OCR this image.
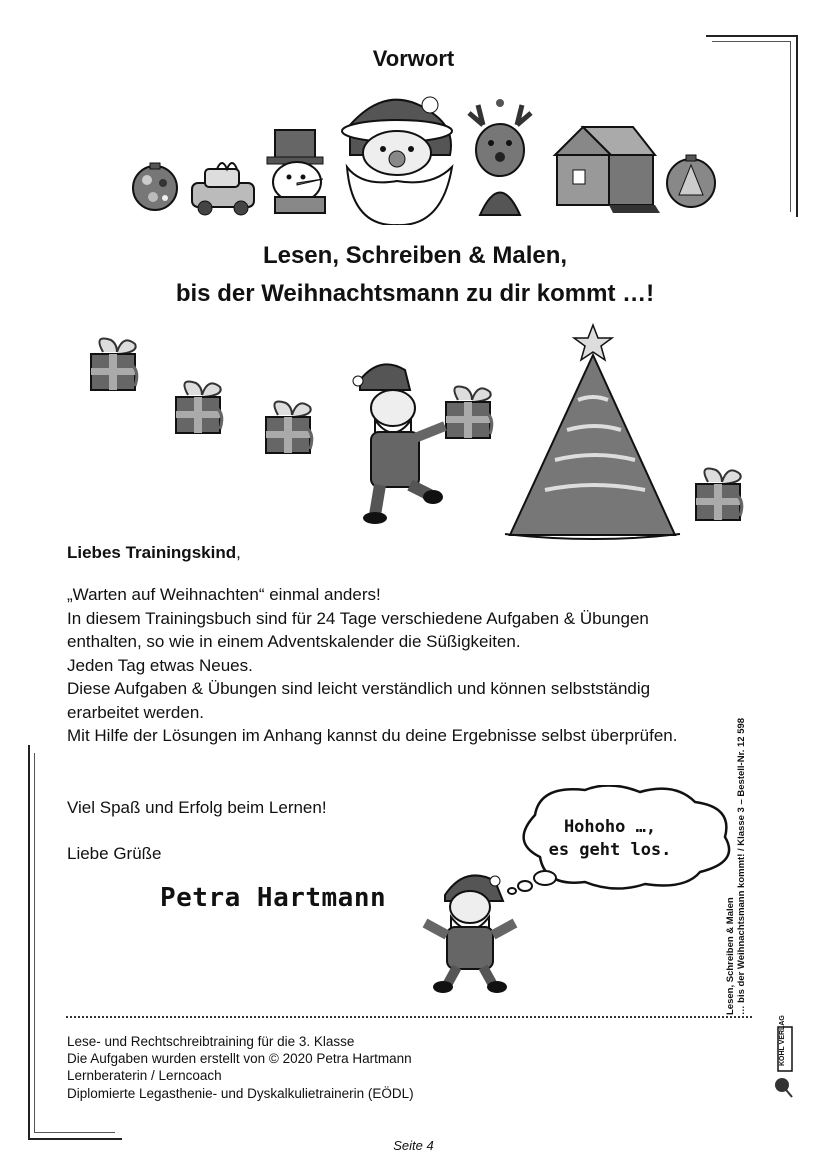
Vorwort
Lesen, Schreiben & Malen,
bis der Weihnachtsmann zu dir kommt …!
Liebes Trainingskind,
„Warten auf Weihnachten“ einmal anders!
In diesem Trainingsbuch sind für 24 Tage verschiedene Aufgaben & Übungen
enthalten, so wie in einem Adventskalender die Süßigkeiten.
Jeden Tag etwas Neues.
Diese Aufgaben & Übungen sind leicht verständlich und können selbstständig
erarbeitet werden.
Mit Hilfe der Lösungen im Anhang kannst du deine Ergebnisse selbst überprüfen.
Viel Spaß und Erfolg beim Lernen!
Liebe Grüße
Petra Hartmann
Hohoho …,
es geht los.
Lese- und Rechtschreibtraining für die 3. Klasse
Die Aufgaben wurden erstellt von © 2020 Petra Hartmann
Lernberaterin / Lerncoach
Diplomierte Legasthenie- und Dyskalkulietrainerin (EÖDL)
Seite 4
Lesen, Schreiben & Malen … bis der Weihnachtsmann kommt! / Klasse 3 – Bestell-Nr. 12 598
KOHL VERLAG
